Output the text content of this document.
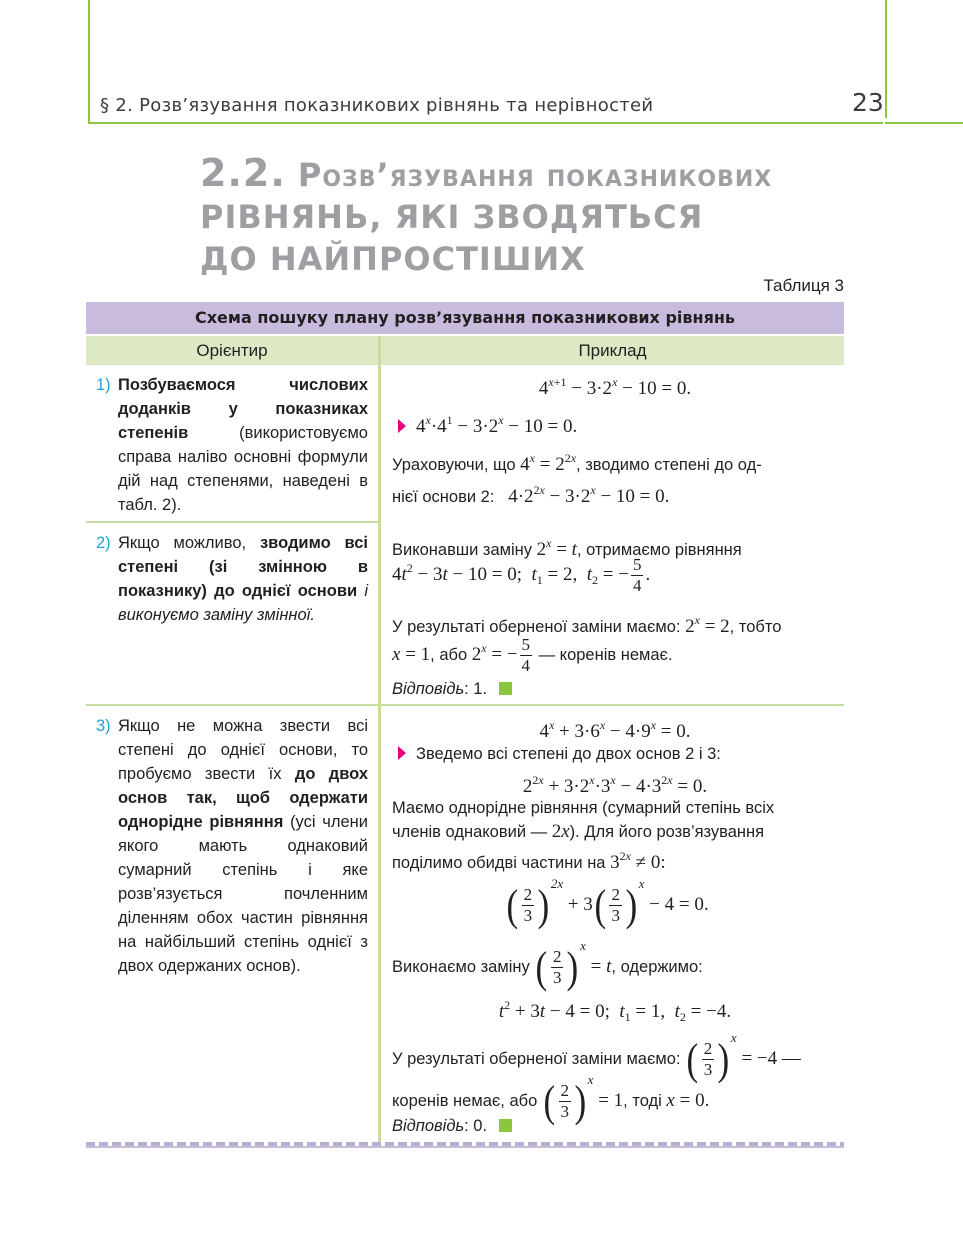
§ 2. Розв’язування показникових рівнянь та нерівностей	23
2.2. Розв’язування показникових
РІВНЯНЬ, ЯКІ ЗВОДЯТЬСЯ
ДО НАЙПРОСТІШИХ
Таблиця 3
Схема пошуку плану розв’язування показникових рівнянь
Орієнтир	Приклад
1) Позбуваємося числових доданків у показниках степенів (використовуємо справа наліво основні формули дій над степенями, наведені в табл. 2).
2) Якщо можливо, зводимо всі степені (зі змінною в показнику) до однієї основи і виконуємо заміну змінної.
3) Якщо не можна звести всі степені до однієї основи, то пробуємо звести їх до двох основ так, щоб одержати однорідне рівняння (усі члени якого мають однаковий сумарний степінь і яке розв’язується почленним діленням обох частин рівняння на найбільший степінь однієї з двох одержаних основ).
$4^{x+1} - 3\cdot 2^x - 10 = 0$.
$4^x\cdot 4^1 - 3\cdot 2^x - 10 = 0$.
Ураховуючи, що $4^x = 2^{2x}$, зводимо степені до од-
нієї основи 2: $4\cdot 2^{2x} - 3\cdot 2^x - 10 = 0$.
Виконавши заміну $2^x = t$, отримаємо рівняння
$4t^2 - 3t - 10 = 0$;  $t_1 = 2$,  $t_2$ = − $\frac{5}{4}$ .
У результаті оберненої заміни маємо: $2^x = 2$, тобто
x = 1, або $2^x$ = − $\frac{5}{4}$ — коренів немає.
Відповідь: 1.
$4^x + 3\cdot 6^x - 4\cdot 9^x = 0$.
Зведемо всі степені до двох основ 2 і 3:
$2^{2x} + 3\cdot 2^x\cdot 3^x - 4\cdot 3^{2x} = 0$.
Маємо однорідне рівняння (сумарний степінь всіх
членів однаковий — 2x). Для його розв’язування
поділимо обидві частини на $3^{2x} \ne 0$:
( $\frac{2}{3} )^{2x} + 3( \frac{2}{3} )^x - 4 = 0$.
Виконаємо заміну ( $\frac{2}{3} )^x = t$, одержимо:
$t^2 + 3t - 4 = 0$;  $t_1 = 1$,  $t_2 = -4$.
У результаті оберненої заміни маємо: ( $\frac{2}{3} )^x = -4$ —
коренів немає, або ( $\frac{2}{3} )^x = 1$, тоді x = 0.
Відповідь: 0.
